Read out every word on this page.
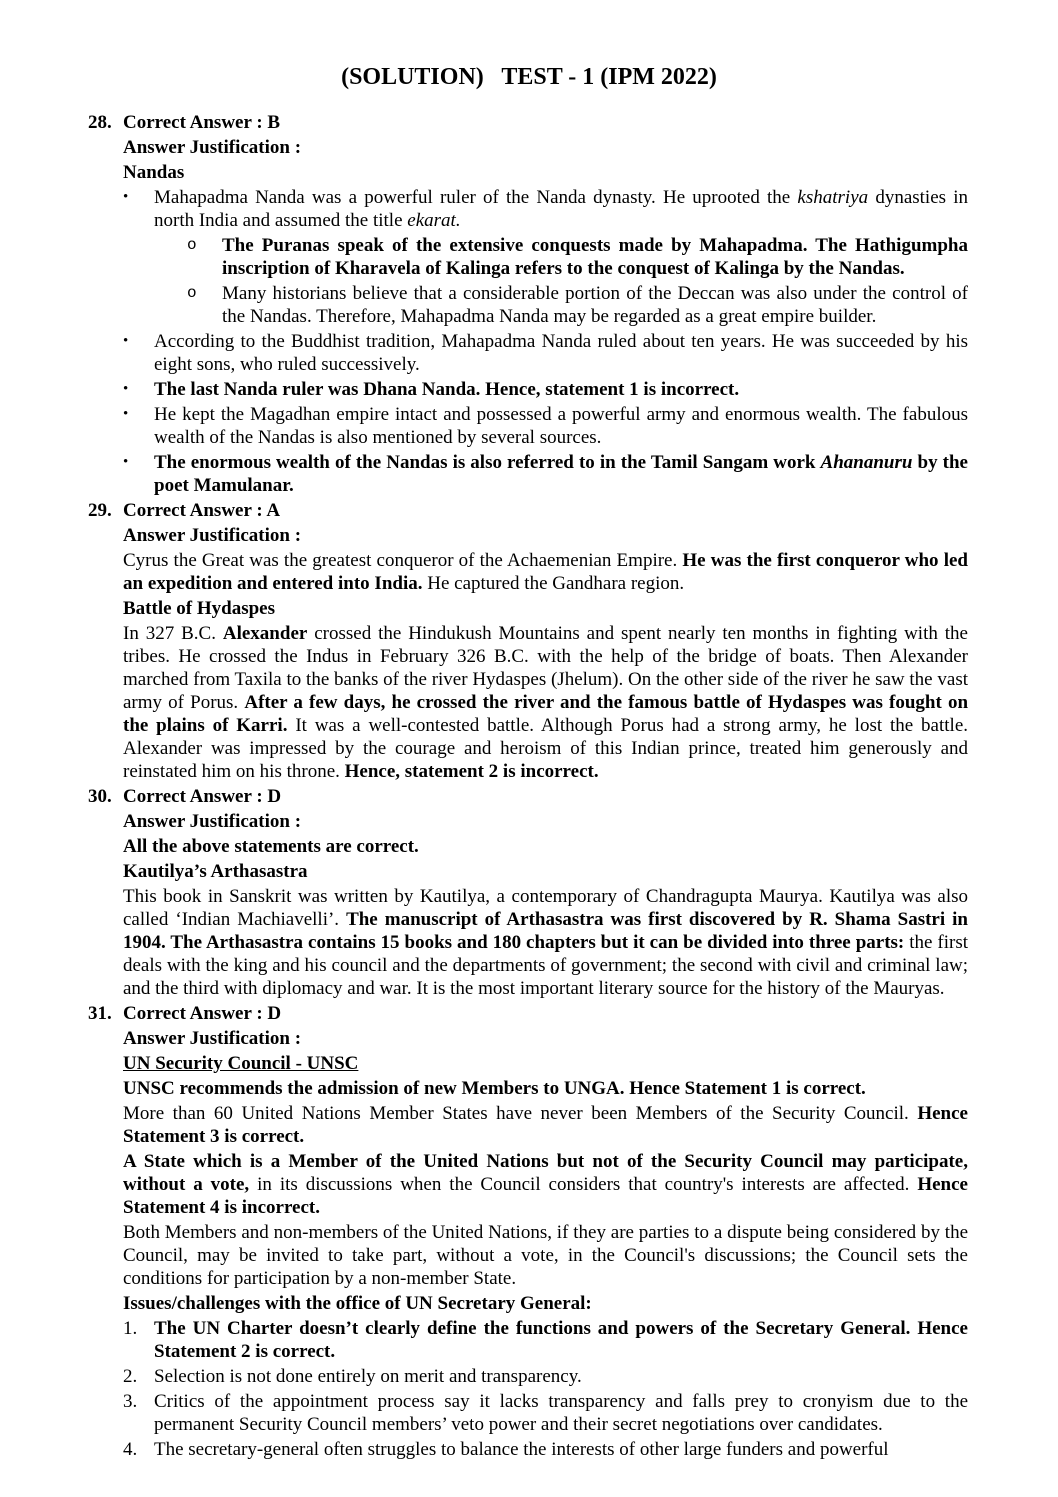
(SOLUTION)   TEST - 1 (IPM 2022)
28. Correct Answer : B
Answer Justification :
Nandas
• Mahapadma Nanda was a powerful ruler of the Nanda dynasty. He uprooted the kshatriya dynasties in north India and assumed the title ekarat.
o The Puranas speak of the extensive conquests made by Mahapadma. The Hathigumpha inscription of Kharavela of Kalinga refers to the conquest of Kalinga by the Nandas.
o Many historians believe that a considerable portion of the Deccan was also under the control of the Nandas. Therefore, Mahapadma Nanda may be regarded as a great empire builder.
• According to the Buddhist tradition, Mahapadma Nanda ruled about ten years. He was succeeded by his eight sons, who ruled successively.
• The last Nanda ruler was Dhana Nanda. Hence, statement 1 is incorrect.
• He kept the Magadhan empire intact and possessed a powerful army and enormous wealth. The fabulous wealth of the Nandas is also mentioned by several sources.
• The enormous wealth of the Nandas is also referred to in the Tamil Sangam work Ahananuru by the poet Mamulanar.
29. Correct Answer : A
Answer Justification :
Cyrus the Great was the greatest conqueror of the Achaemenian Empire. He was the first conqueror who led an expedition and entered into India. He captured the Gandhara region.
Battle of Hydaspes
In 327 B.C. Alexander crossed the Hindukush Mountains and spent nearly ten months in fighting with the tribes. He crossed the Indus in February 326 B.C. with the help of the bridge of boats. Then Alexander marched from Taxila to the banks of the river Hydaspes (Jhelum). On the other side of the river he saw the vast army of Porus. After a few days, he crossed the river and the famous battle of Hydaspes was fought on the plains of Karri. It was a well-contested battle. Although Porus had a strong army, he lost the battle. Alexander was impressed by the courage and heroism of this Indian prince, treated him generously and reinstated him on his throne. Hence, statement 2 is incorrect.
30. Correct Answer : D
Answer Justification :
All the above statements are correct.
Kautilya’s Arthasastra
This book in Sanskrit was written by Kautilya, a contemporary of Chandragupta Maurya. Kautilya was also called ‘Indian Machiavelli’. The manuscript of Arthasastra was first discovered by R. Shama Sastri in 1904. The Arthasastra contains 15 books and 180 chapters but it can be divided into three parts: the first deals with the king and his council and the departments of government; the second with civil and criminal law; and the third with diplomacy and war. It is the most important literary source for the history of the Mauryas.
31. Correct Answer : D
Answer Justification :
UN Security Council - UNSC
UNSC recommends the admission of new Members to UNGA. Hence Statement 1 is correct.
More than 60 United Nations Member States have never been Members of the Security Council. Hence Statement 3 is correct.
A State which is a Member of the United Nations but not of the Security Council may participate, without a vote, in its discussions when the Council considers that country's interests are affected. Hence Statement 4 is incorrect.
Both Members and non-members of the United Nations, if they are parties to a dispute being considered by the Council, may be invited to take part, without a vote, in the Council's discussions; the Council sets the conditions for participation by a non-member State.
Issues/challenges with the office of UN Secretary General:
1. The UN Charter doesn’t clearly define the functions and powers of the Secretary General. Hence Statement 2 is correct.
2. Selection is not done entirely on merit and transparency.
3. Critics of the appointment process say it lacks transparency and falls prey to cronyism due to the permanent Security Council members’ veto power and their secret negotiations over candidates.
4. The secretary-general often struggles to balance the interests of other large funders and powerful
